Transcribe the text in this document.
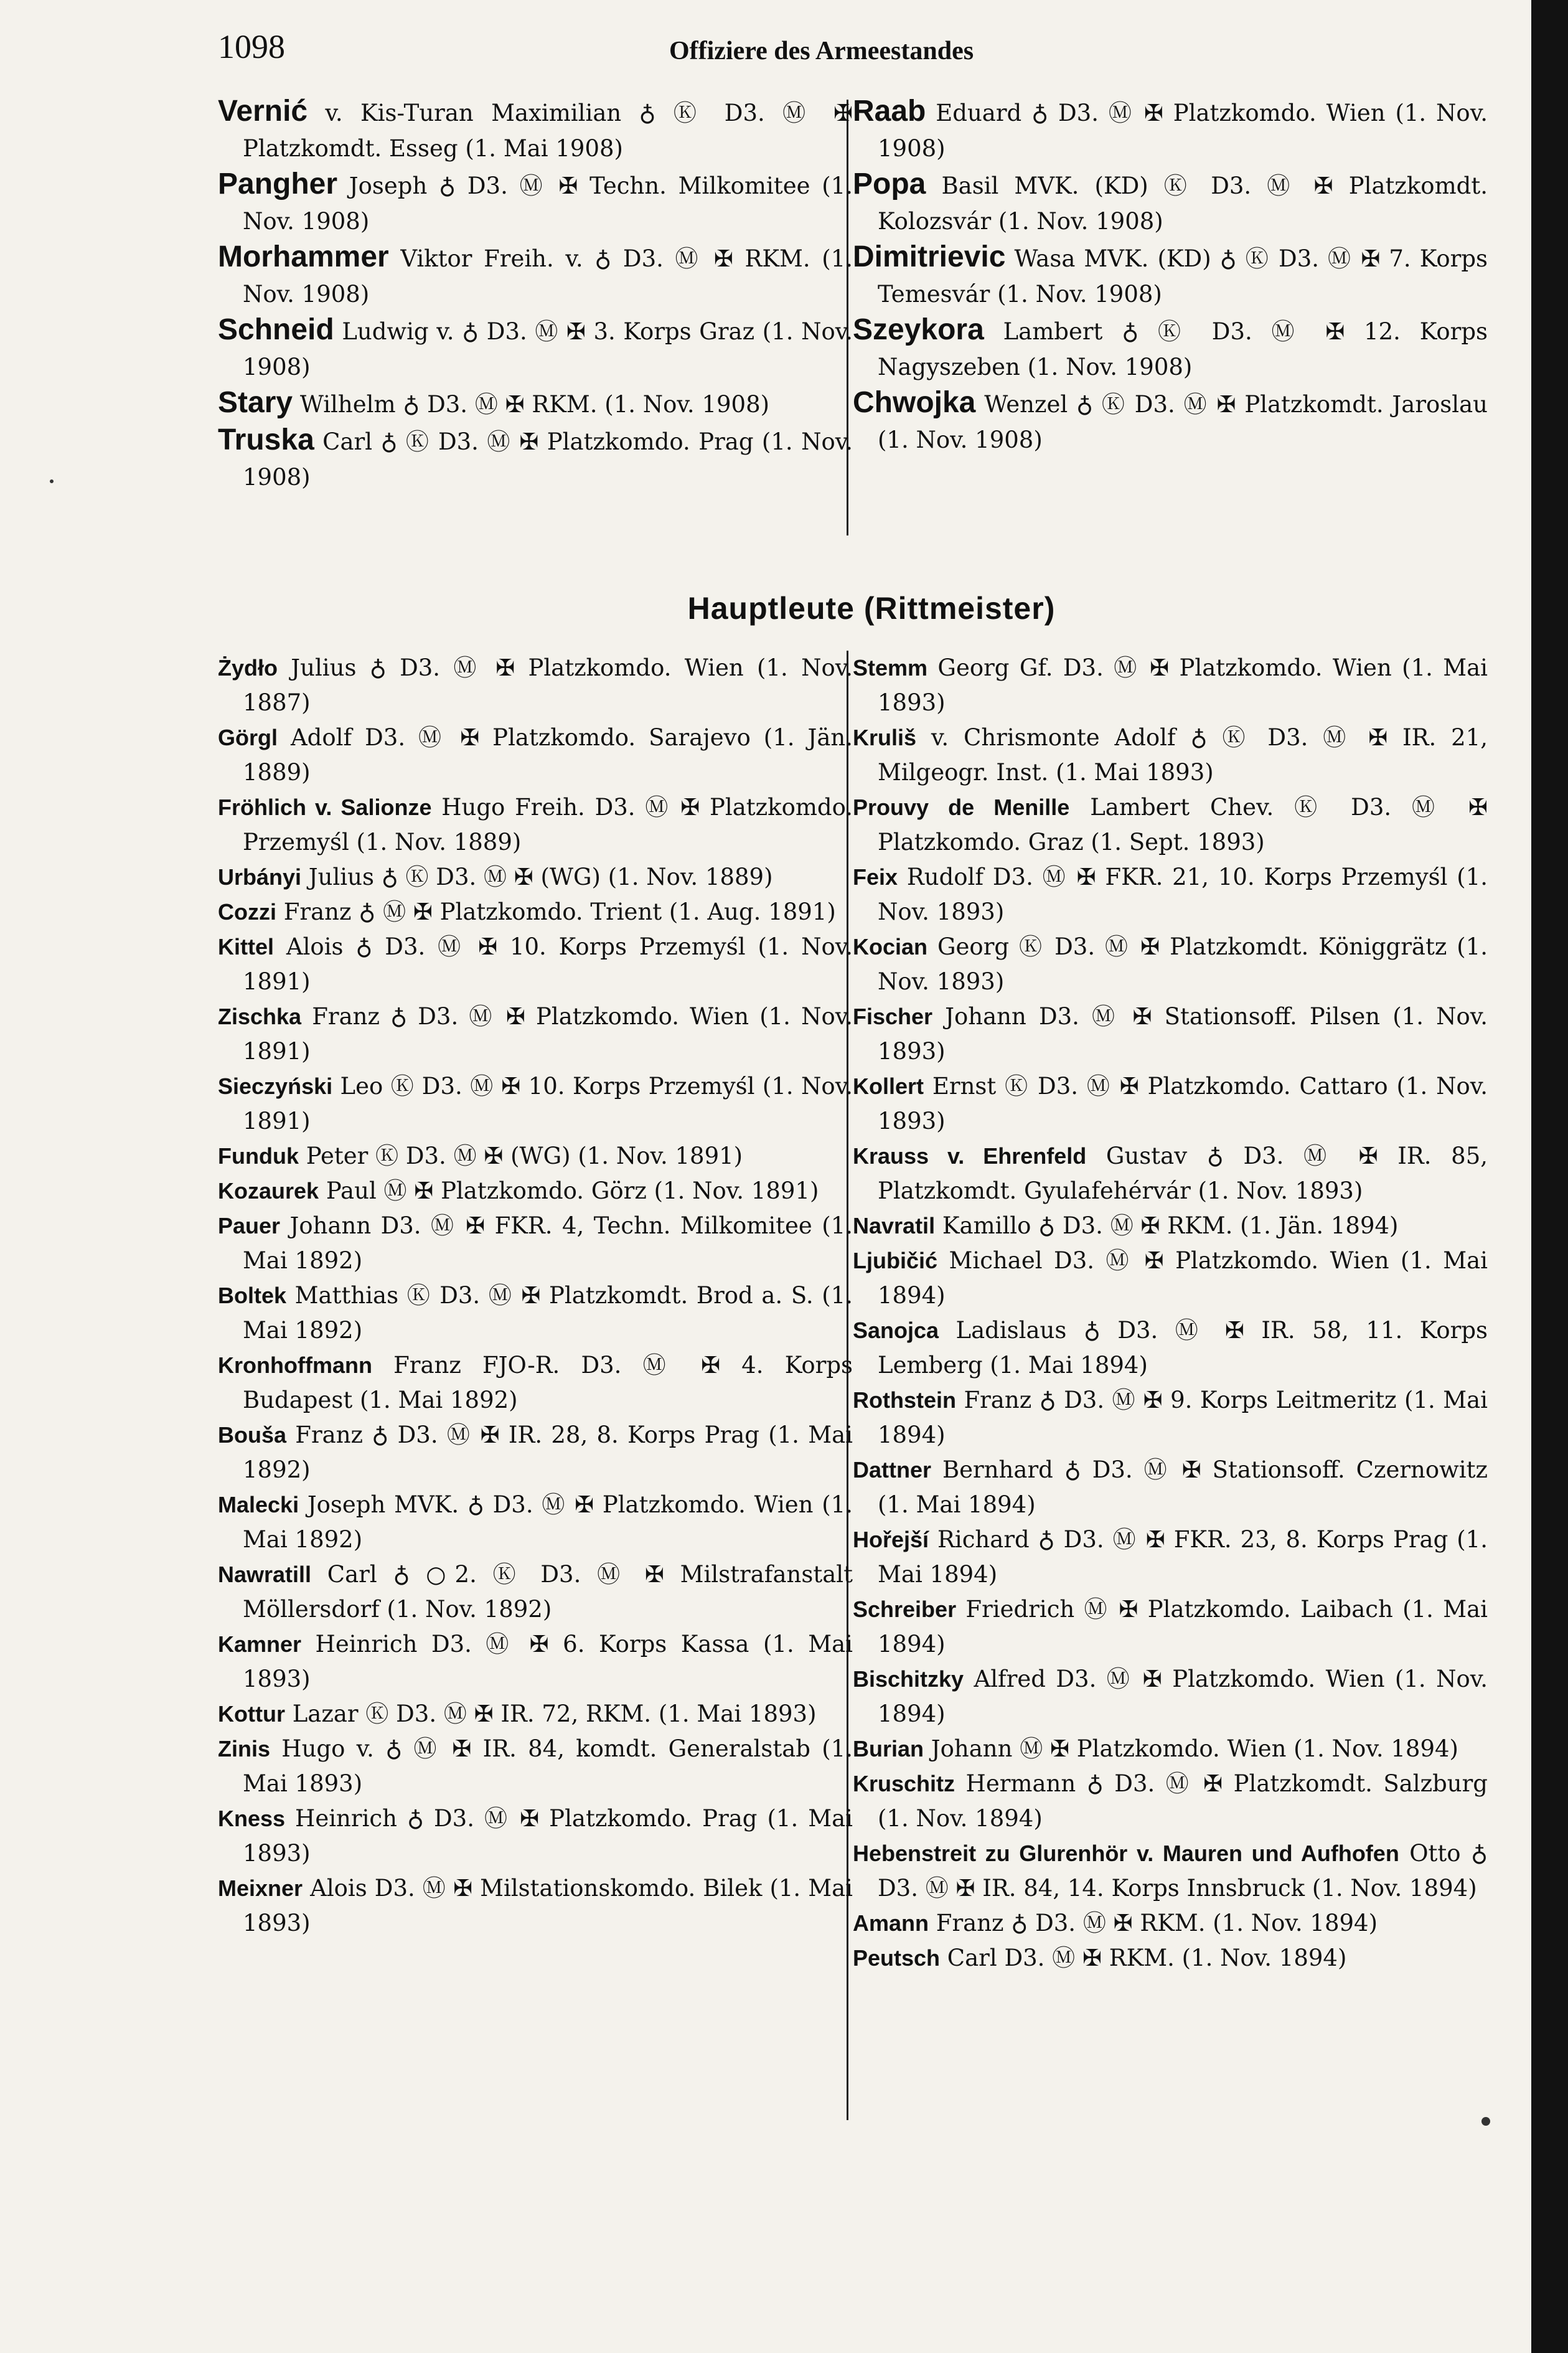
1098	Offiziere des Armeestandes

Vernić v. Kis-Turan Maximilian ♁ Ⓚ D3. Ⓜ ✠ Platzkomdt. Esseg (1. Mai 1908)

Pangher Joseph ♁ D3. Ⓜ ✠ Techn. Milkomitee (1. Nov. 1908)

Morhammer Viktor Freih. v. ♁ D3. Ⓜ ✠ RKM. (1. Nov. 1908)

Schneid Ludwig v. ♁ D3. Ⓜ ✠ 3. Korps Graz (1. Nov. 1908)

Stary Wilhelm ♁ D3. Ⓜ ✠ RKM. (1. Nov. 1908)

Truska Carl ♁ Ⓚ D3. Ⓜ ✠ Platzkomdo. Prag (1. Nov. 1908)

Raab Eduard ♁ D3. Ⓜ ✠ Platzkomdo. Wien (1. Nov. 1908)

Popa Basil MVK. (KD) Ⓚ D3. Ⓜ ✠ Platzkomdt. Kolozsvár (1. Nov. 1908)

Dimitrievic Wasa MVK. (KD) ♁ Ⓚ D3. Ⓜ ✠ 7. Korps Temesvár (1. Nov. 1908)

Szeykora Lambert ♁ Ⓚ D3. Ⓜ ✠ 12. Korps Nagyszeben (1. Nov. 1908)

Chwojka Wenzel ♁ Ⓚ D3. Ⓜ ✠ Platzkomdt. Jaroslau (1. Nov. 1908)

Hauptleute (Rittmeister)

Żydło Julius ♁ D3. Ⓜ ✠ Platzkomdo. Wien (1. Nov. 1887)

Görgl Adolf D3. Ⓜ ✠ Platzkomdo. Sarajevo (1. Jän. 1889)

Fröhlich v. Salionze Hugo Freih. D3. Ⓜ ✠ Platzkomdo. Przemyśl (1. Nov. 1889)

Urbányi Julius ♁ Ⓚ D3. Ⓜ ✠ (WG) (1. Nov. 1889)

Cozzi Franz ♁ Ⓜ ✠ Platzkomdo. Trient (1. Aug. 1891)

Kittel Alois ♁ D3. Ⓜ ✠ 10. Korps Przemyśl (1. Nov. 1891)

Zischka Franz ♁ D3. Ⓜ ✠ Platzkomdo. Wien (1. Nov. 1891)

Sieczyński Leo Ⓚ D3. Ⓜ ✠ 10. Korps Przemyśl (1. Nov. 1891)

Funduk Peter Ⓚ D3. Ⓜ ✠ (WG) (1. Nov. 1891)

Kozaurek Paul Ⓜ ✠ Platzkomdo. Görz (1. Nov. 1891)

Pauer Johann D3. Ⓜ ✠ FKR. 4, Techn. Milkomitee (1. Mai 1892)

Boltek Matthias Ⓚ D3. Ⓜ ✠ Platzkomdt. Brod a. S. (1. Mai 1892)

Kronhoffmann Franz FJO-R. D3. Ⓜ ✠ 4. Korps Budapest (1. Mai 1892)

Bouša Franz ♁ D3. Ⓜ ✠ IR. 28, 8. Korps Prag (1. Mai 1892)

Malecki Joseph MVK. ♁ D3. Ⓜ ✠ Platzkomdo. Wien (1. Mai 1892)

Nawratill Carl ♁ ○2. Ⓚ D3. Ⓜ ✠ Milstrafanstalt Möllersdorf (1. Nov. 1892)

Kamner Heinrich D3. Ⓜ ✠ 6. Korps Kassa (1. Mai 1893)

Kottur Lazar Ⓚ D3. Ⓜ ✠ IR. 72, RKM. (1. Mai 1893)

Zinis Hugo v. ♁ Ⓜ ✠ IR. 84, komdt. Generalstab (1. Mai 1893)

Kness Heinrich ♁ D3. Ⓜ ✠ Platzkomdo. Prag (1. Mai 1893)

Meixner Alois D3. Ⓜ ✠ Milstationskomdo. Bilek (1. Mai 1893)

Stemm Georg Gf. D3. Ⓜ ✠ Platzkomdo. Wien (1. Mai 1893)

Kruliš v. Chrismonte Adolf ♁ Ⓚ D3. Ⓜ ✠ IR. 21, Milgeogr. Inst. (1. Mai 1893)

Prouvy de Menille Lambert Chev. Ⓚ D3. Ⓜ ✠ Platzkomdo. Graz (1. Sept. 1893)

Feix Rudolf D3. Ⓜ ✠ FKR. 21, 10. Korps Przemyśl (1. Nov. 1893)

Kocian Georg Ⓚ D3. Ⓜ ✠ Platzkomdt. Königgrätz (1. Nov. 1893)

Fischer Johann D3. Ⓜ ✠ Stationsoff. Pilsen (1. Nov. 1893)

Kollert Ernst Ⓚ D3. Ⓜ ✠ Platzkomdo. Cattaro (1. Nov. 1893)

Krauss v. Ehrenfeld Gustav ♁ D3. Ⓜ ✠ IR. 85, Platzkomdt. Gyulafehérvár (1. Nov. 1893)

Navratil Kamillo ♁ D3. Ⓜ ✠ RKM. (1. Jän. 1894)

Ljubičić Michael D3. Ⓜ ✠ Platzkomdo. Wien (1. Mai 1894)

Sanojca Ladislaus ♁ D3. Ⓜ ✠ IR. 58, 11. Korps Lemberg (1. Mai 1894)

Rothstein Franz ♁ D3. Ⓜ ✠ 9. Korps Leitmeritz (1. Mai 1894)

Dattner Bernhard ♁ D3. Ⓜ ✠ Stationsoff. Czernowitz (1. Mai 1894)

Hořejší Richard ♁ D3. Ⓜ ✠ FKR. 23, 8. Korps Prag (1. Mai 1894)

Schreiber Friedrich Ⓜ ✠ Platzkomdo. Laibach (1. Mai 1894)

Bischitzky Alfred D3. Ⓜ ✠ Platzkomdo. Wien (1. Nov. 1894)

Burian Johann Ⓜ ✠ Platzkomdo. Wien (1. Nov. 1894)

Kruschitz Hermann ♁ D3. Ⓜ ✠ Platzkomdt. Salzburg (1. Nov. 1894)

Hebenstreit zu Glurenhör v. Mauren und Aufhofen Otto ♁ D3. Ⓜ ✠ IR. 84, 14. Korps Innsbruck (1. Nov. 1894)

Amann Franz ♁ D3. Ⓜ ✠ RKM. (1. Nov. 1894)

Peutsch Carl D3. Ⓜ ✠ RKM. (1. Nov. 1894)
